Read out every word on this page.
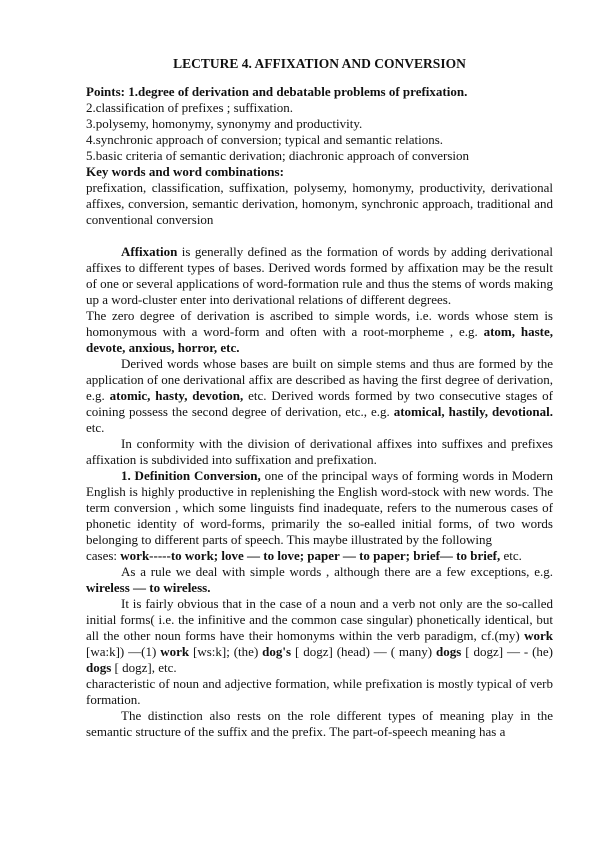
LECTURE 4. AFFIXATION AND CONVERSION
Points: 1.degree of derivation and debatable problems of prefixation.
2.classification of prefixes ; suffixation.
3.polysemy, homonymy, synonymy and productivity.
4.synchronic approach of conversion; typical and semantic relations.
5.basic criteria of semantic derivation; diachronic approach of conversion
Key words and word combinations:

prefixation, classification, suffixation, polysemy, homonymy, productivity, derivational affixes, conversion, semantic derivation, homonym, synchronic approach, traditional and conventional conversion

Affixation is generally defined as the formation of words by adding derivational affixes to different types of bases. Derived words formed by affixation may be the result of one or several applications of word-formation rule and thus the stems of words making up a word-cluster enter into derivational relations of different degrees.

The zero degree of derivation is ascribed to simple words, i.e. words whose stem is homonymous with a word-form and often with a root-morpheme , e.g. atom, haste, devote, anxious, horror, etc.

Derived words whose bases are built on simple stems and thus are formed by the application of one derivational affix are described as having the first degree of derivation, e.g. atomic, hasty, devotion, etc. Derived words formed by two consecutive stages of coining possess the second degree of derivation, etc., e.g. atomical, hastily, devotional. etc.

In conformity with the division of derivational affixes into suffixes and prefixes affixation is subdivided into suffixation and prefixation.

1. Definition Conversion, one of the principal ways of forming words in Modern English is highly productive in replenishing the English word-stock with new words. The term conversion , which some linguists find inadequate, refers to the numerous cases of phonetic identity of word-forms, primarily the so-ealled initial forms, of two words belonging to different parts of speech. This maybe illustrated by the following

cases: work-----to work; love — to love; paper — to paper; brief— to brief, etc.

As a rule we deal with simple words , although there are a few exceptions, e.g. wireless — to wireless.

It is fairly obvious that in the case of a noun and a verb not only are the so-called initial forms( i.e. the infinitive and the common case singular) phonetically identical, but all the other noun forms have their homonyms within the verb paradigm, cf.(my) work [wa:k]) —(1) work [ws:k]; (the) dog's [ dogz] (head) — ( many) dogs [ dogz] — - (he) dogs [ dogz], etc.

characteristic of noun and adjective formation, while prefixation is mostly typical of verb formation.

The distinction also rests on the role different types of meaning play in the semantic structure of the suffix and the prefix. The part-of-speech meaning has a
